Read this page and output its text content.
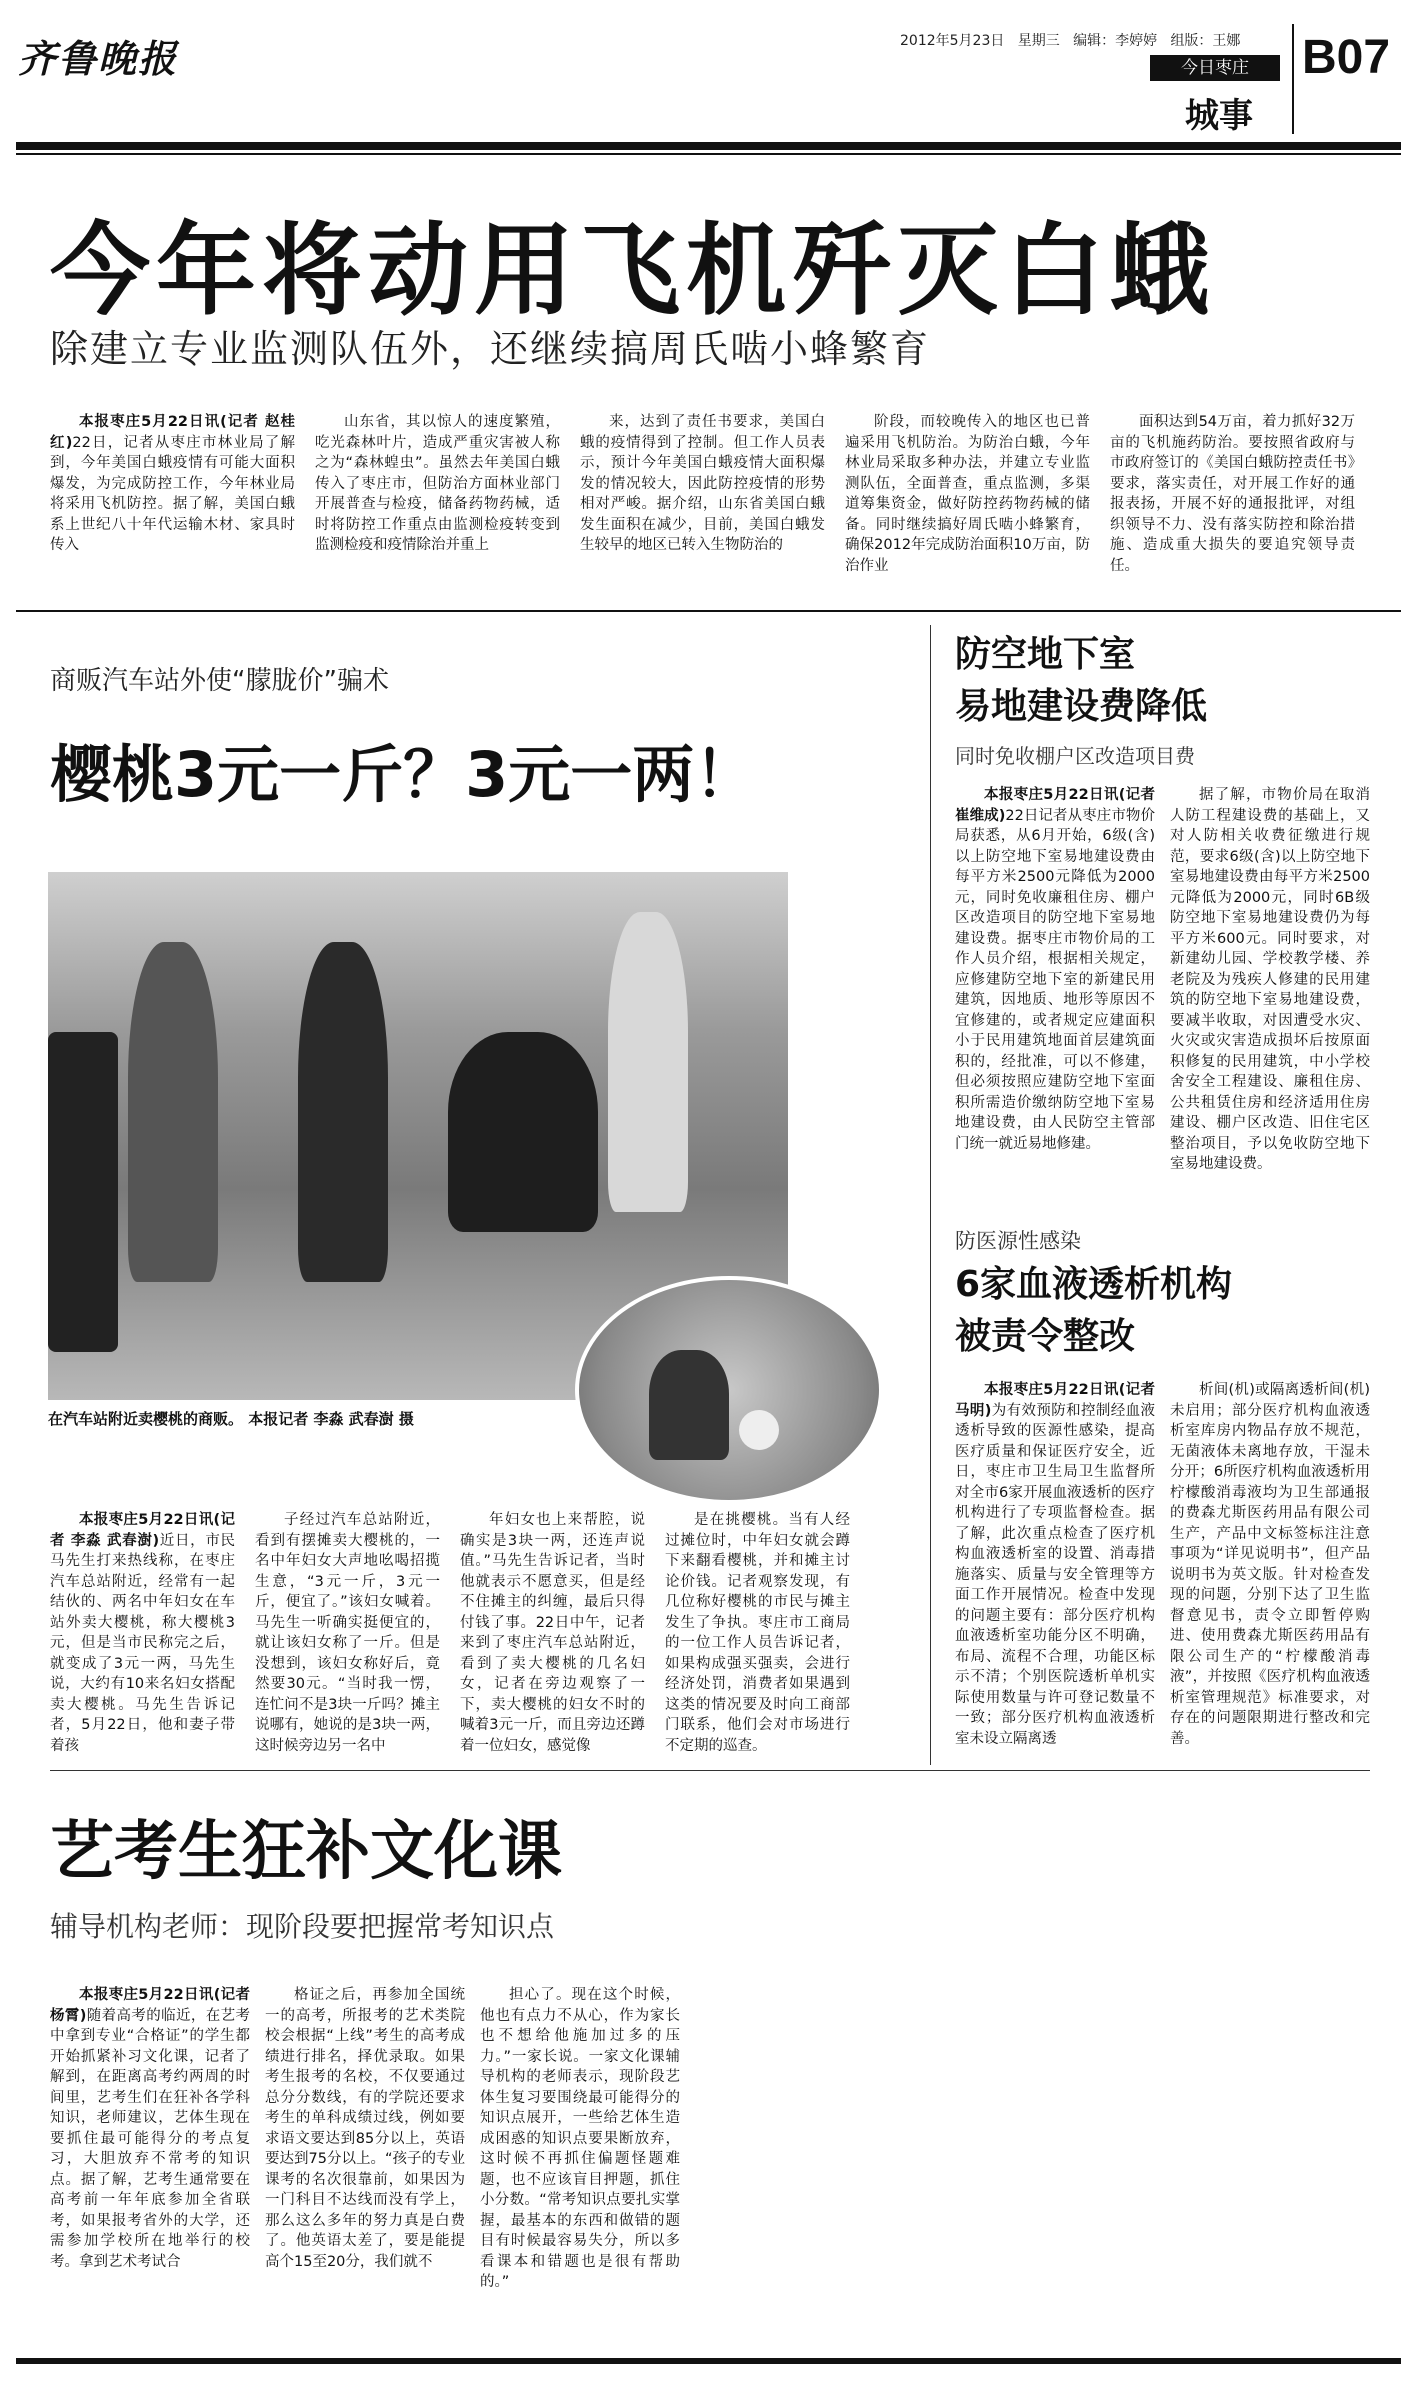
齐鲁晚报	2012年5月23日 星期三 编辑：李婷婷 组版：王娜
今日枣庄
城事
B07
今年将动用飞机歼灭白蛾
除建立专业监测队伍外，还继续搞周氏啮小蜂繁育

本报枣庄5月22日讯(记者 赵桂红)22日，记者从枣庄市林业局了解到，今年美国白蛾疫情有可能大面积爆发，为完成防控工作，今年林业局将采用飞机防控。据了解，美国白蛾系上世纪八十年代运输木材、家具时传入

山东省，其以惊人的速度繁殖，吃光森林叶片，造成严重灾害被人称之为“森林蝗虫”。虽然去年美国白蛾传入了枣庄市，但防治方面林业部门开展普查与检疫，储备药物药械，适时将防控工作重点由监测检疫转变到监测检疫和疫情除治并重上

来，达到了责任书要求，美国白蛾的疫情得到了控制。但工作人员表示，预计今年美国白蛾疫情大面积爆发的情况较大，因此防控疫情的形势相对严峻。据介绍，山东省美国白蛾发生面积在减少，目前，美国白蛾发生较早的地区已转入生物防治的

阶段，而较晚传入的地区也已普遍采用飞机防治。为防治白蛾，今年林业局采取多种办法，并建立专业监测队伍，全面普查，重点监测，多渠道筹集资金，做好防控药物药械的储备。同时继续搞好周氏啮小蜂繁育，确保2012年完成防治面积10万亩，防治作业

面积达到54万亩，着力抓好32万亩的飞机施药防治。要按照省政府与市政府签订的《美国白蛾防控责任书》要求，落实责任，对开展工作好的通报表扬，开展不好的通报批评，对组织领导不力、没有落实防控和除治措施、造成重大损失的要追究领导责任。

商贩汽车站外使“朦胧价”骗术
樱桃3元一斤？3元一两！
在汽车站附近卖樱桃的商贩。 本报记者 李淼 武春澍 摄

本报枣庄5月22日讯(记者 李淼 武春澍)近日，市民马先生打来热线称，在枣庄汽车总站附近，经常有一起结伙的、两名中年妇女在车站外卖大樱桃，称大樱桃3元，但是当市民称完之后，就变成了3元一两，马先生说，大约有10来名妇女搭配卖大樱桃。马先生告诉记者，5月22日，他和妻子带着孩

子经过汽车总站附近，看到有摆摊卖大樱桃的，一名中年妇女大声地吆喝招揽生意，“3元一斤，3元一斤，便宜了。”该妇女喊着。马先生一听确实挺便宜的，就让该妇女称了一斤。但是没想到，该妇女称好后，竟然要30元。“当时我一愣，连忙问不是3块一斤吗？摊主说哪有，她说的是3块一两，这时候旁边另一名中

年妇女也上来帮腔，说确实是3块一两，还连声说值。”马先生告诉记者，当时他就表示不愿意买，但是经不住摊主的纠缠，最后只得付钱了事。22日中午，记者来到了枣庄汽车总站附近，看到了卖大樱桃的几名妇女，记者在旁边观察了一下，卖大樱桃的妇女不时的喊着3元一斤，而且旁边还蹲着一位妇女，感觉像

是在挑樱桃。当有人经过摊位时，中年妇女就会蹲下来翻看樱桃，并和摊主讨论价钱。记者观察发现，有几位称好樱桃的市民与摊主发生了争执。枣庄市工商局的一位工作人员告诉记者，如果构成强买强卖，会进行经济处罚，消费者如果遇到这类的情况要及时向工商部门联系，他们会对市场进行不定期的巡查。

防空地下室
易地建设费降低
同时免收棚户区改造项目费

本报枣庄5月22日讯(记者 崔维成)22日记者从枣庄市物价局获悉，从6月开始，6级(含)以上防空地下室易地建设费由每平方米2500元降低为2000元，同时免收廉租住房、棚户区改造项目的防空地下室易地建设费。据枣庄市物价局的工作人员介绍，根据相关规定，应修建防空地下室的新建民用建筑，因地质、地形等原因不宜修建的，或者规定应建面积小于民用建筑地面首层建筑面积的，经批准，可以不修建，但必须按照应建防空地下室面积所需造价缴纳防空地下室易地建设费，由人民防空主管部门统一就近易地修建。

据了解，市物价局在取消人防工程建设费的基础上，又对人防相关收费征缴进行规范，要求6级(含)以上防空地下室易地建设费由每平方米2500元降低为2000元，同时6B级防空地下室易地建设费仍为每平方米600元。同时要求，对新建幼儿园、学校教学楼、养老院及为残疾人修建的民用建筑的防空地下室易地建设费，要减半收取，对因遭受水灾、火灾或灾害造成损坏后按原面积修复的民用建筑，中小学校舍安全工程建设、廉租住房、公共租赁住房和经济适用住房建设、棚户区改造、旧住宅区整治项目，予以免收防空地下室易地建设费。

防医源性感染
6家血液透析机构
被责令整改

本报枣庄5月22日讯(记者 马明)为有效预防和控制经血液透析导致的医源性感染，提高医疗质量和保证医疗安全，近日，枣庄市卫生局卫生监督所对全市6家开展血液透析的医疗机构进行了专项监督检查。据了解，此次重点检查了医疗机构血液透析室的设置、消毒措施落实、质量与安全管理等方面工作开展情况。检查中发现的问题主要有：部分医疗机构血液透析室功能分区不明确，布局、流程不合理，功能区标示不清；个别医院透析单机实际使用数量与许可登记数量不一致；部分医疗机构血液透析室未设立隔离透

析间(机)或隔离透析间(机)未启用；部分医疗机构血液透析室库房内物品存放不规范，无菌液体未离地存放，干湿未分开；6所医疗机构血液透析用柠檬酸消毒液均为卫生部通报的费森尤斯医药用品有限公司生产，产品中文标签标注注意事项为“详见说明书”，但产品说明书为英文版。针对检查发现的问题，分别下达了卫生监督意见书，责令立即暂停购进、使用费森尤斯医药用品有限公司生产的“柠檬酸消毒液”，并按照《医疗机构血液透析室管理规范》标准要求，对存在的问题限期进行整改和完善。

艺考生狂补文化课
辅导机构老师：现阶段要把握常考知识点

本报枣庄5月22日讯(记者 杨霄)随着高考的临近，在艺考中拿到专业“合格证”的学生都开始抓紧补习文化课，记者了解到，在距离高考约两周的时间里，艺考生们在狂补各学科知识，老师建议，艺体生现在要抓住最可能得分的考点复习，大胆放弃不常考的知识点。据了解，艺考生通常要在高考前一年年底参加全省联考，如果报考省外的大学，还需参加学校所在地举行的校考。拿到艺术考试合

格证之后，再参加全国统一的高考，所报考的艺术类院校会根据“上线”考生的高考成绩进行排名，择优录取。如果考生报考的名校，不仅要通过总分分数线，有的学院还要求考生的单科成绩过线，例如要求语文要达到85分以上，英语要达到75分以上。“孩子的专业课考的名次很靠前，如果因为一门科目不达线而没有学上，那么这么多年的努力真是白费了。他英语太差了，要是能提高个15至20分，我们就不

担心了。现在这个时候，他也有点力不从心，作为家长也不想给他施加过多的压力。”一家长说。一家文化课辅导机构的老师表示，现阶段艺体生复习要围绕最可能得分的知识点展开，一些给艺体生造成困惑的知识点要果断放弃，这时候不再抓住偏题怪题难题，也不应该盲目押题，抓住小分数。“常考知识点要扎实掌握，最基本的东西和做错的题目有时候最容易失分，所以多看课本和错题也是很有帮助的。”
